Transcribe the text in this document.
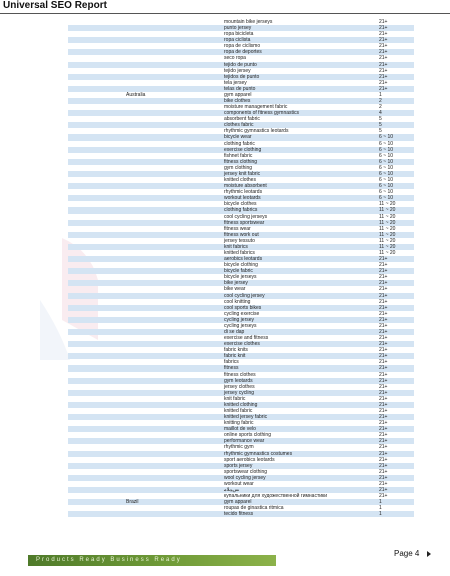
Universal SEO Report
mountain bike jerseys	21+
punto jersey	21+
ropa bicicleta	21+
ropa ciclista	21+
ropa de ciclismo	21+
ropa de deportes	21+
seco ropa	21+
tejido de punto	21+
tejido jersey	21+
tejidos de punto	21+
tela jersey	21+
telas de punto	21+
Australia	gym apparel	1
bike clothes	2
moisture management fabric	2
components of fitness gymnastics	4
absorbent fabric	5
clothes fabric	5
rhythmic gymnastics leotards	5
bicycle wear	6 ~ 10
clothing fabric	6 ~ 10
exercise clothing	6 ~ 10
fishnet fabric	6 ~ 10
fitness clothing	6 ~ 10
gym clothing	6 ~ 10
jersey knit fabric	6 ~ 10
knitted clothes	6 ~ 10
moisture absorbent	6 ~ 10
rhythmic leotards	6 ~ 10
workout leotards	6 ~ 10
bicycle clothes	11 ~ 20
clothing fabrics	11 ~ 20
cool cycling jerseys	11 ~ 20
fitness sportswear	11 ~ 20
fitness wear	11 ~ 20
fitness work out	11 ~ 20
jersey tessuto	11 ~ 20
knit fabrics	11 ~ 20
knitted fabrics	11 ~ 20
aerobics leotards	21+
bicycle clothing	21+
bicycle fabric	21+
bicycle jerseys	21+
bike jersey	21+
bike wear	21+
cool cycling jersey	21+
cool knitting	21+
cool sports bikes	21+
cycling exercise	21+
cycling jersey	21+
cycling jerseys	21+
di se dap	21+
exercise and fitness	21+
exercise clothes	21+
fabric knits	21+
fabric knit	21+
fabrics	21+
fitness	21+
fitness clothes	21+
gym leotards	21+
jersey clothes	21+
jersey cycling	21+
knit fabric	21+
knitted clothing	21+
knitted fabric	21+
knitted jersey fabric	21+
knitting fabric	21+
maillot de velo	21+
online sports clothing	21+
performance wear	21+
rhythmic gym	21+
rhythmic gymnastics costumes	21+
sport aerobics leotards	21+
sports jersey	21+
sportswear clothing	21+
wool cycling jersey	21+
workout wear	21+
ﺲﻴﺑﻼﻣ	21+
купальники для художественной гимнастики	21+
Brazil	gym apparel	1
roupas de ginastica ritmica	1
tecido fitness	1
Products Ready Business Ready
Page 4
